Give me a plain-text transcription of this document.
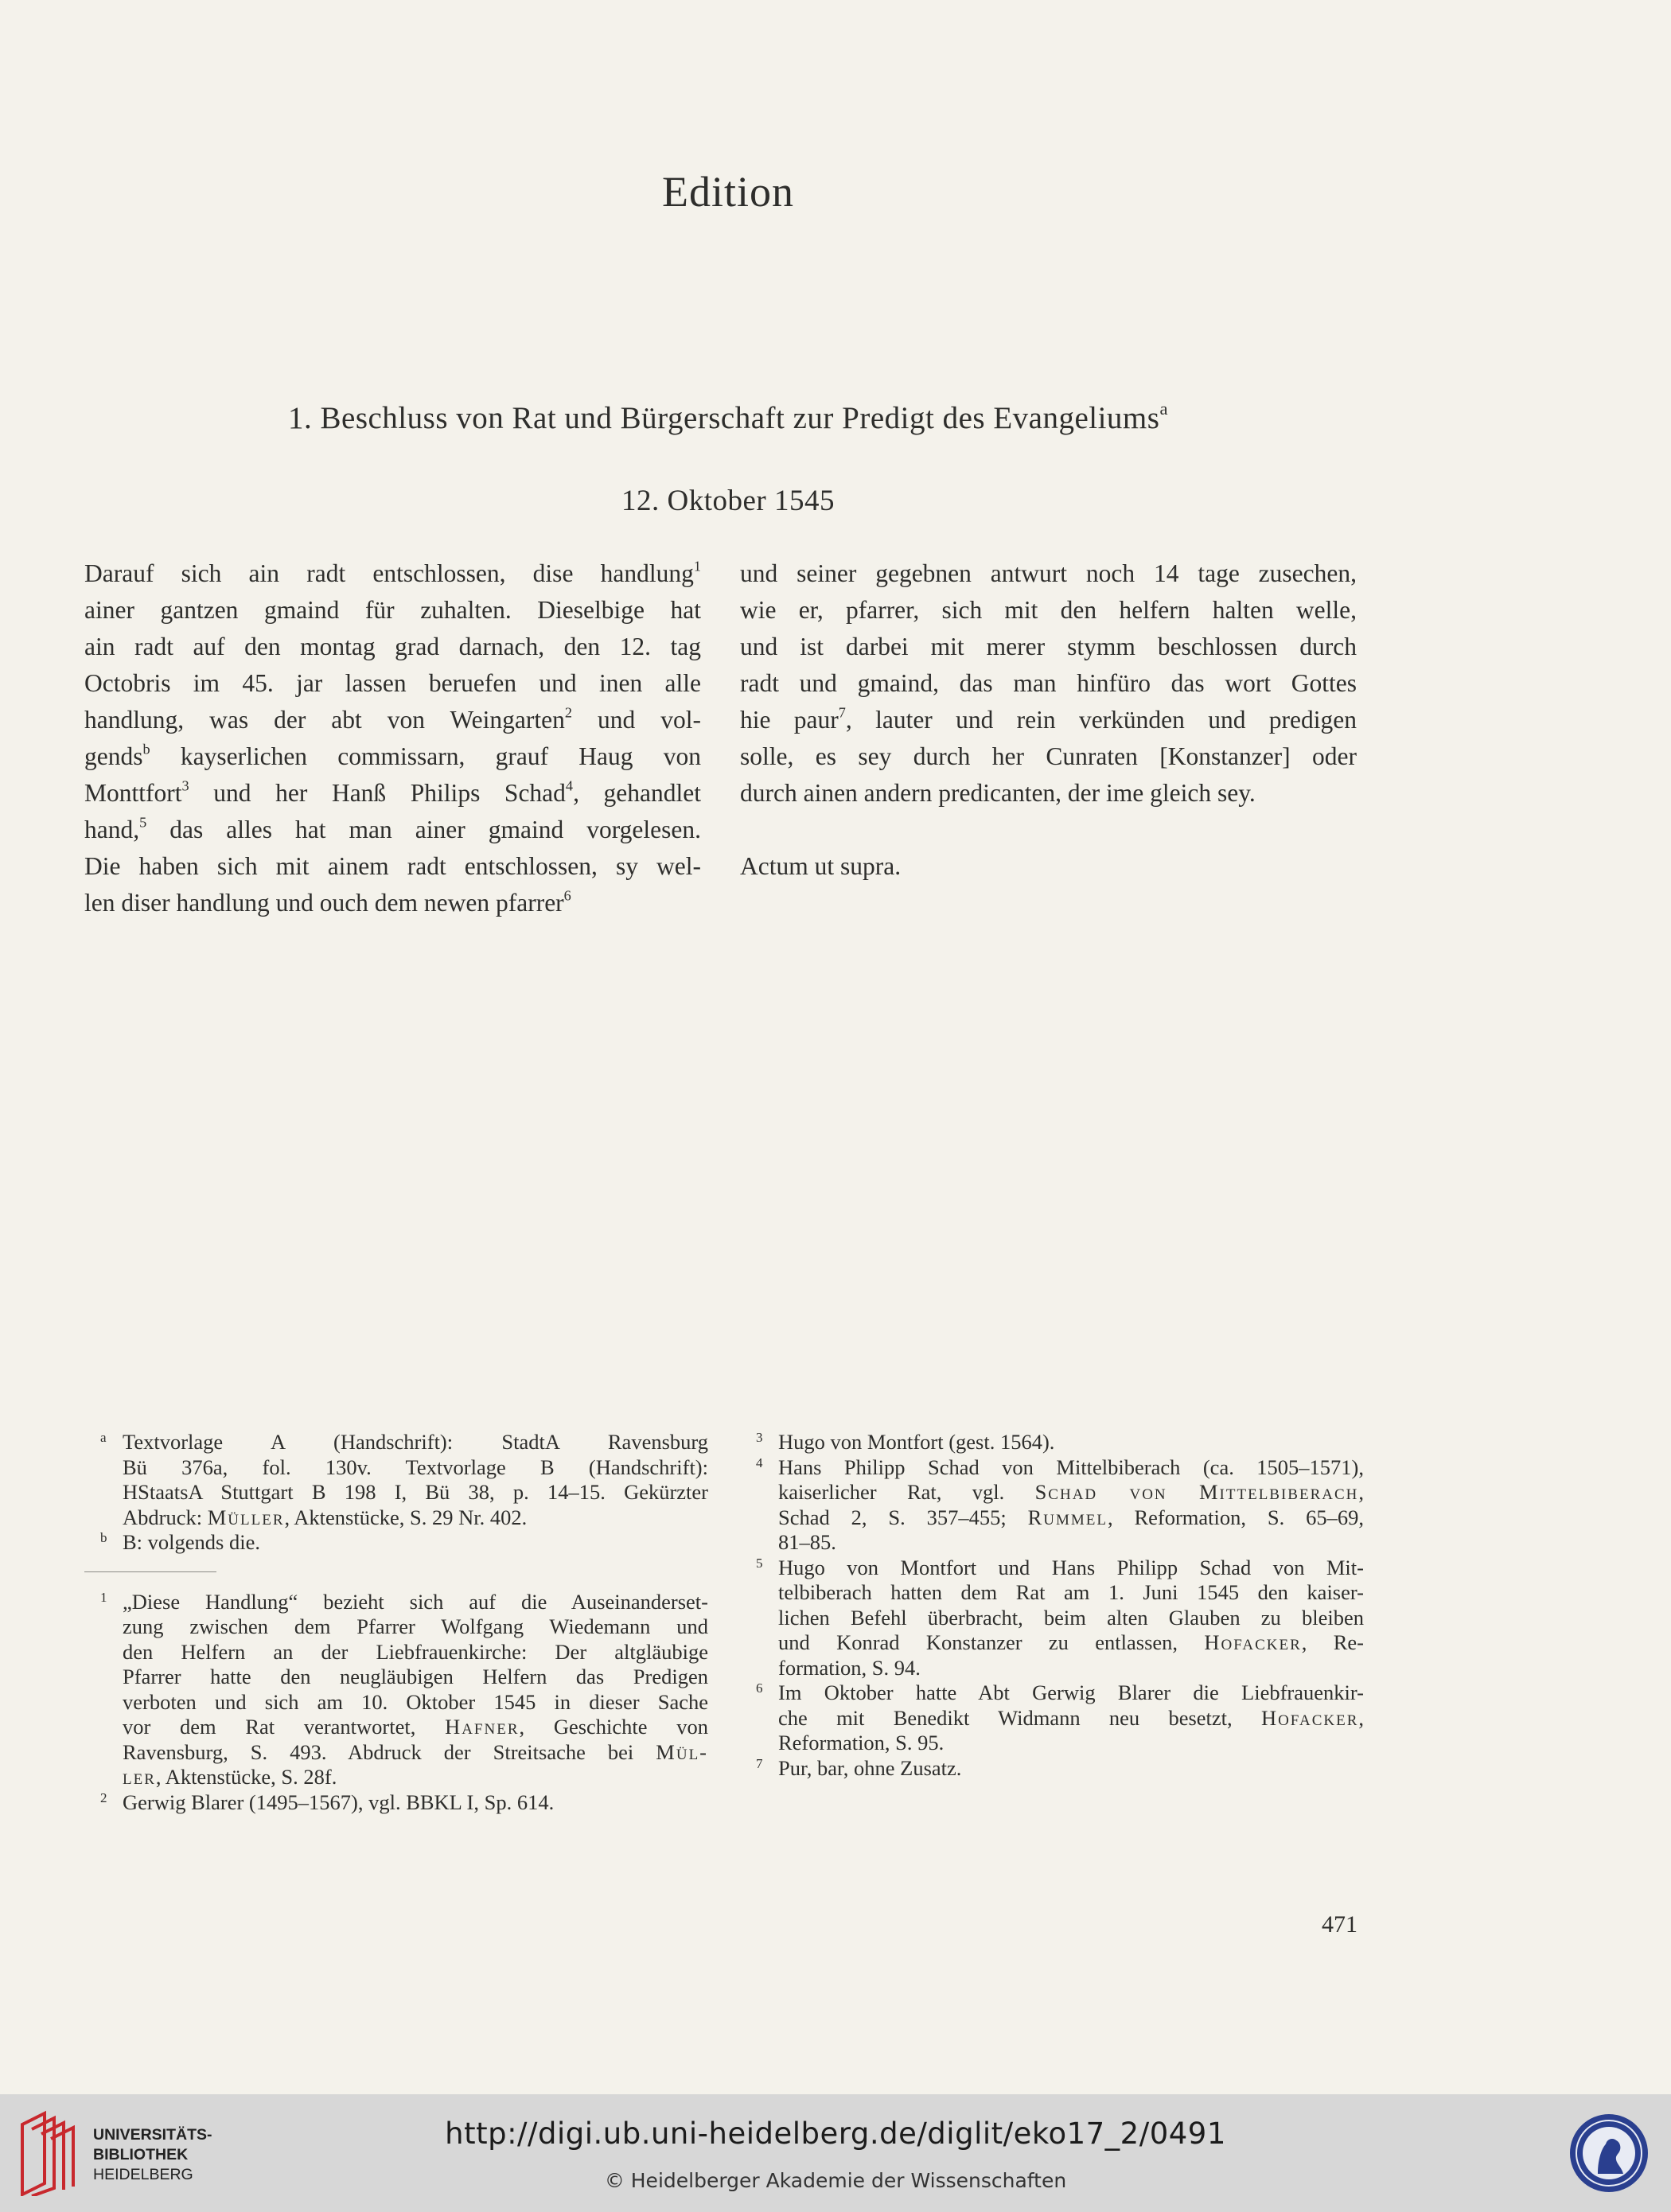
Edition
1. Beschluss von Rat und Bürgerschaft zur Predigt des Evangeliums$^a$
12. Oktober 1545
Darauf sich ain radt entschlossen, dise handlung$^1$
ainer gantzen gmaind für zuhalten. Dieselbige hat
ain radt auf den montag grad darnach, den 12. tag
Octobris im 45. jar lassen beruefen und inen alle
handlung, was der abt von Weingarten$^2$ und vol-
gends$^b$ kayserlichen commissarn, grauf Haug von
Monttfort$^3$ und her Hanß Philips Schad$^4$, gehandlet
hand,$^5$ das alles hat man ainer gmaind vorgelesen.
Die haben sich mit ainem radt entschlossen, sy wel-
len diser handlung und ouch dem newen pfarrer$^6$
und seiner gegebnen antwurt noch 14 tage zusechen,
wie er, pfarrer, sich mit den helfern halten welle,
und ist darbei mit merer stymm beschlossen durch
radt und gmaind, das man hinfüro das wort Gottes
hie paur$^7$, lauter und rein verkünden und predigen
solle, es sey durch her Cunraten [Konstanzer] oder
durch ainen andern predicanten, der ime gleich sey.
Actum ut supra.
a Textvorlage A (Handschrift): StadtA Ravensburg
Bü 376a, fol. 130v. Textvorlage B (Handschrift):
HStaatsA Stuttgart B 198 I, Bü 38, p. 14–15. Gekürzter
Abdruck: Müller, Aktenstücke, S. 29 Nr. 402.
b B: volgends die.
1 „Diese Handlung“ bezieht sich auf die Auseinanderset-
zung zwischen dem Pfarrer Wolfgang Wiedemann und
den Helfern an der Liebfrauenkirche: Der altgläubige
Pfarrer hatte den neugläubigen Helfern das Predigen
verboten und sich am 10. Oktober 1545 in dieser Sache
vor dem Rat verantwortet, Hafner, Geschichte von
Ravensburg, S. 493. Abdruck der Streitsache bei Mül-
ler, Aktenstücke, S. 28f.
2 Gerwig Blarer (1495–1567), vgl. BBKL I, Sp. 614.
3 Hugo von Montfort (gest. 1564).
4 Hans Philipp Schad von Mittelbiberach (ca. 1505–1571),
kaiserlicher Rat, vgl. Schad von Mittelbiberach,
Schad 2, S. 357–455; Rummel, Reformation, S. 65–69,
81–85.
5 Hugo von Montfort und Hans Philipp Schad von Mit-
telbiberach hatten dem Rat am 1. Juni 1545 den kaiser-
lichen Befehl überbracht, beim alten Glauben zu bleiben
und Konrad Konstanzer zu entlassen, Hofacker, Re-
formation, S. 94.
6 Im Oktober hatte Abt Gerwig Blarer die Liebfrauenkir-
che mit Benedikt Widmann neu besetzt, Hofacker,
Reformation, S. 95.
7 Pur, bar, ohne Zusatz.
471
UNIVERSITÄTS-
BIBLIOTHEK
HEIDELBERG
http://digi.ub.uni-heidelberg.de/diglit/eko17_2/0491
© Heidelberger Akademie der Wissenschaften
